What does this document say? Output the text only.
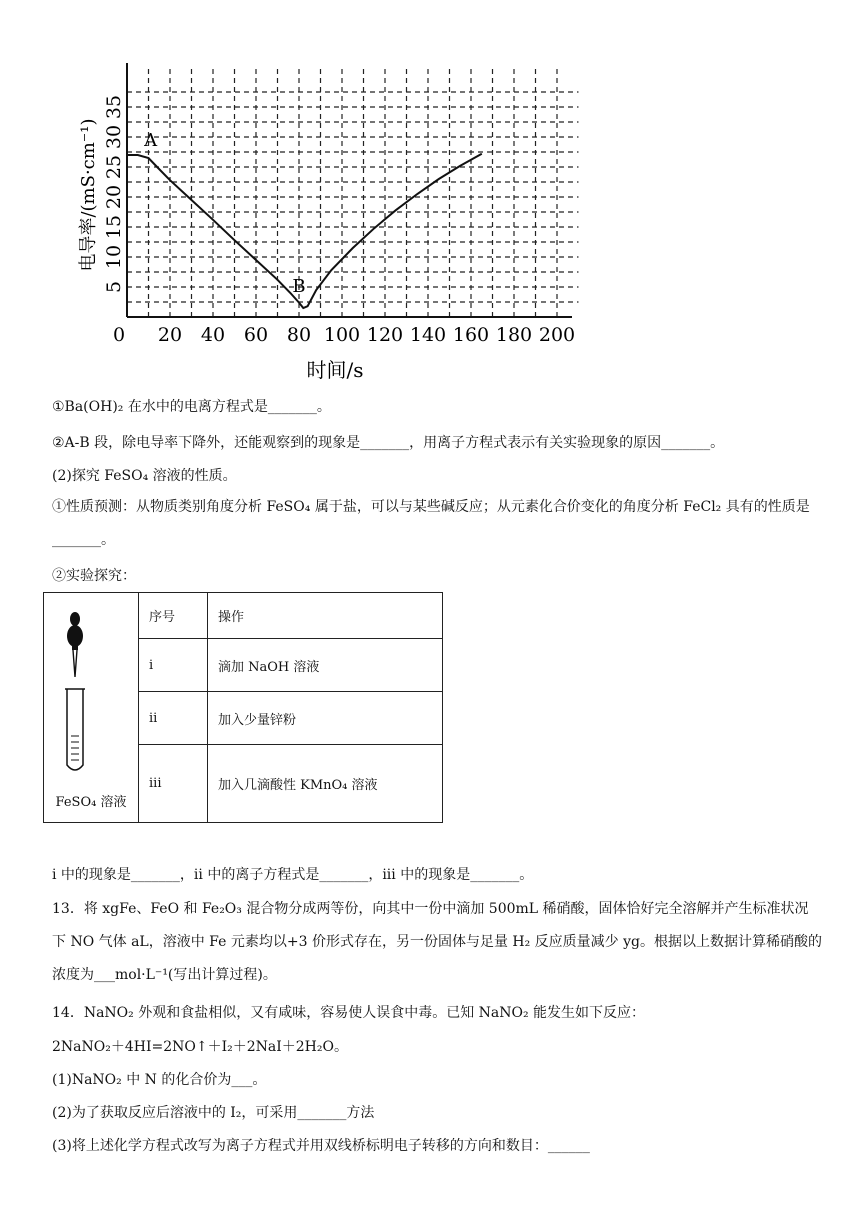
0 20 40 60 80 100 120 140 160 180 200
5
10
15
20
25
30
35
A
B
时间/s
电导率/(mS·cm⁻¹)
①Ba(OH)₂ 在水中的电离方程式是_______。
②A-B 段，除电导率下降外，还能观察到的现象是_______，用离子方程式表示有关实验现象的原因_______。
(2)探究 FeSO₄ 溶液的性质。
①性质预测：从物质类别角度分析 FeSO₄ 属于盐，可以与某些碱反应；从元素化合价变化的角度分析 FeCl₂ 具有的性质是_______。
②实验探究：
FeSO₄ 溶液	序号	操作
	i	滴加 NaOH 溶液
	ii	加入少量锌粉
	iii	加入几滴酸性 KMnO₄ 溶液
i 中的现象是_______，ii 中的离子方程式是_______，iii 中的现象是_______。
13．将 xgFe、FeO 和 Fe₂O₃ 混合物分成两等份，向其中一份中滴加 500mL 稀硝酸，固体恰好完全溶解并产生标准状况下 NO 气体 aL，溶液中 Fe 元素均以+3 价形式存在，另一份固体与足量 H₂ 反应质量减少 yg。根据以上数据计算稀硝酸的浓度为___mol·L⁻¹(写出计算过程)。
14．NaNO₂ 外观和食盐相似，又有咸味，容易使人误食中毒。已知 NaNO₂ 能发生如下反应：
2NaNO₂＋4HI=2NO↑＋I₂＋2NaI＋2H₂O。
(1)NaNO₂ 中 N 的化合价为___。
(2)为了获取反应后溶液中的 I₂，可采用_______方法
(3)将上述化学方程式改写为离子方程式并用双线桥标明电子转移的方向和数目：______
